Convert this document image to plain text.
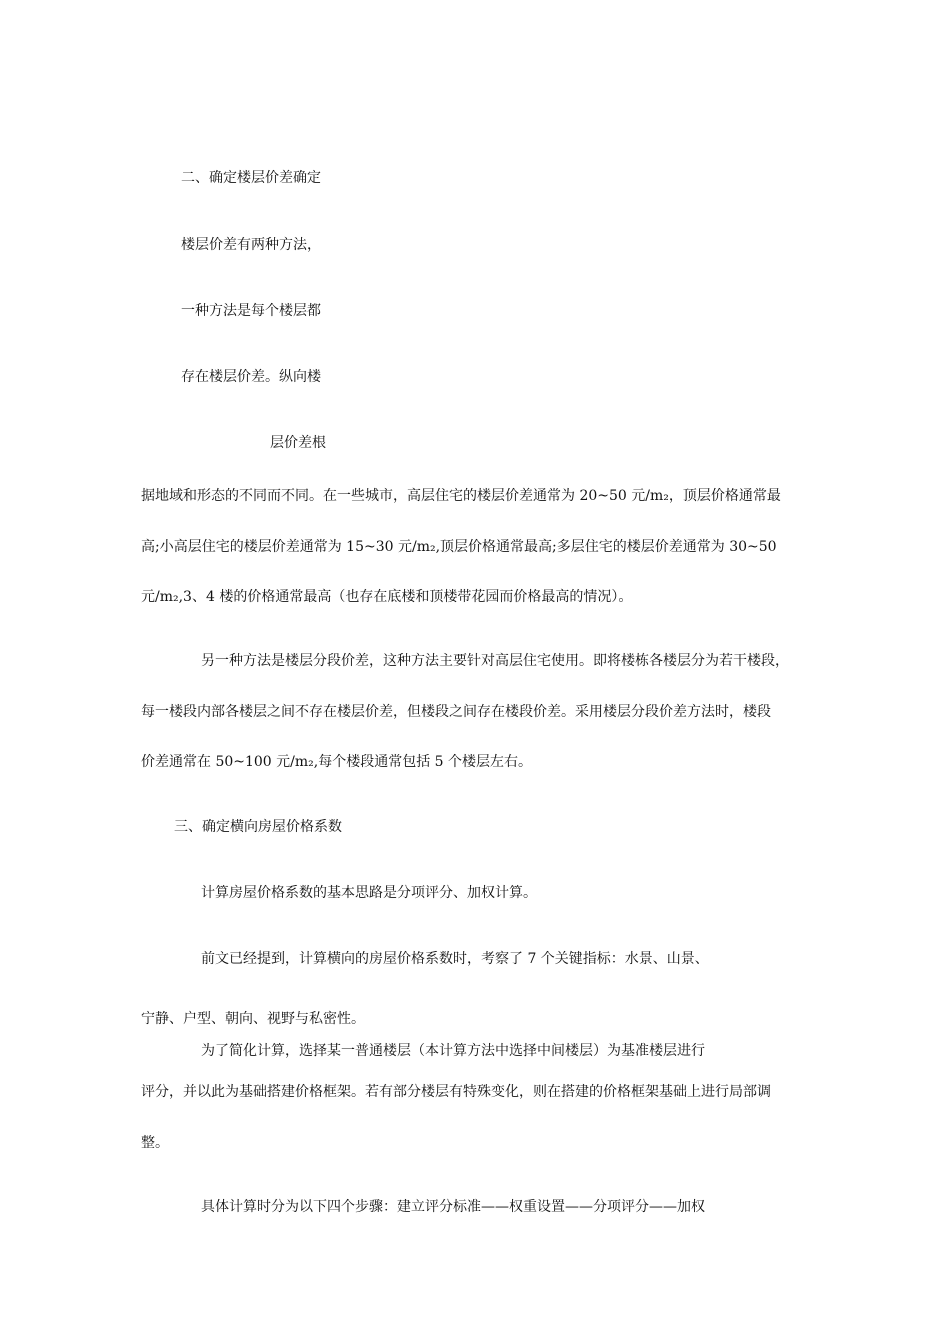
二、确定楼层价差确定
楼层价差有两种方法，
一种方法是每个楼层都
存在楼层价差。纵向楼
层价差根
据地域和形态的不同而不同。在一些城市，高层住宅的楼层价差通常为 20~50 元/m₂，顶层价格通常最
高;小高层住宅的楼层价差通常为 15~30 元/m₂,顶层价格通常最高;多层住宅的楼层价差通常为 30~50
元/m₂,3、4 楼的价格通常最高（也存在底楼和顶楼带花园而价格最高的情况）。
另一种方法是楼层分段价差，这种方法主要针对高层住宅使用。即将楼栋各楼层分为若干楼段，
每一楼段内部各楼层之间不存在楼层价差，但楼段之间存在楼段价差。采用楼层分段价差方法时，楼段
价差通常在 50~100 元/m₂,每个楼段通常包括 5 个楼层左右。
三、确定横向房屋价格系数
计算房屋价格系数的基本思路是分项评分、加权计算。
前文已经提到，计算横向的房屋价格系数时，考察了 7 个关键指标：水景、山景、
宁静、户型、朝向、视野与私密性。
为了简化计算，选择某一普通楼层（本计算方法中选择中间楼层）为基准楼层进行
评分，并以此为基础搭建价格框架。若有部分楼层有特殊变化，则在搭建的价格框架基础上进行局部调
整。
具体计算时分为以下四个步骤：建立评分标准——权重设置——分项评分——加权
